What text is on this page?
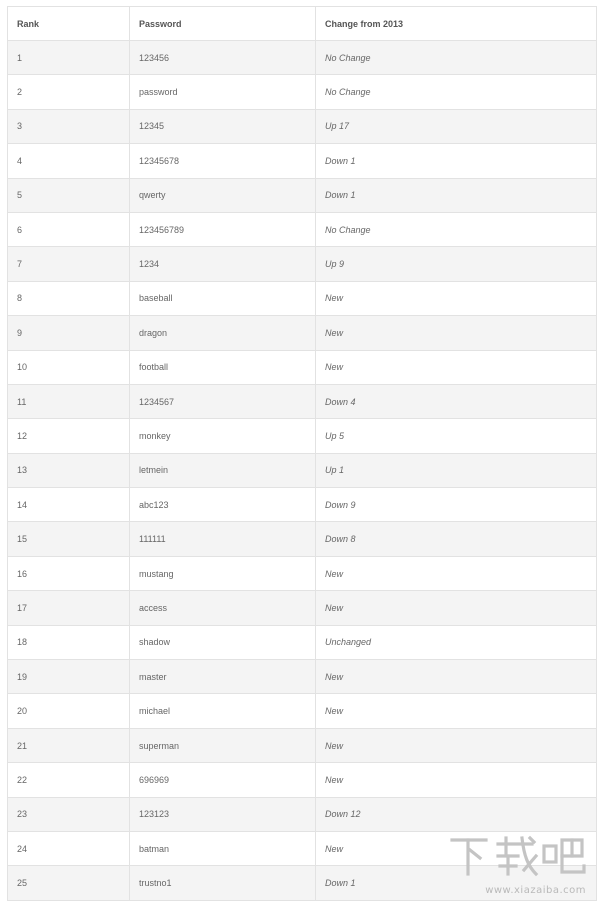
Rank	Password	Change from 2013
1	123456	No Change
2	password	No Change
3	12345	Up 17
4	12345678	Down 1
5	qwerty	Down 1
6	123456789	No Change
7	1234	Up 9
8	baseball	New
9	dragon	New
10	football	New
11	1234567	Down 4
12	monkey	Up 5
13	letmein	Up 1
14	abc123	Down 9
15	111111	Down 8
16	mustang	New
17	access	New
18	shadow	Unchanged
19	master	New
20	michael	New
21	superman	New
22	696969	New
23	123123	Down 12
24	batman	New
25	trustno1	Down 1
www.xiazaiba.com
